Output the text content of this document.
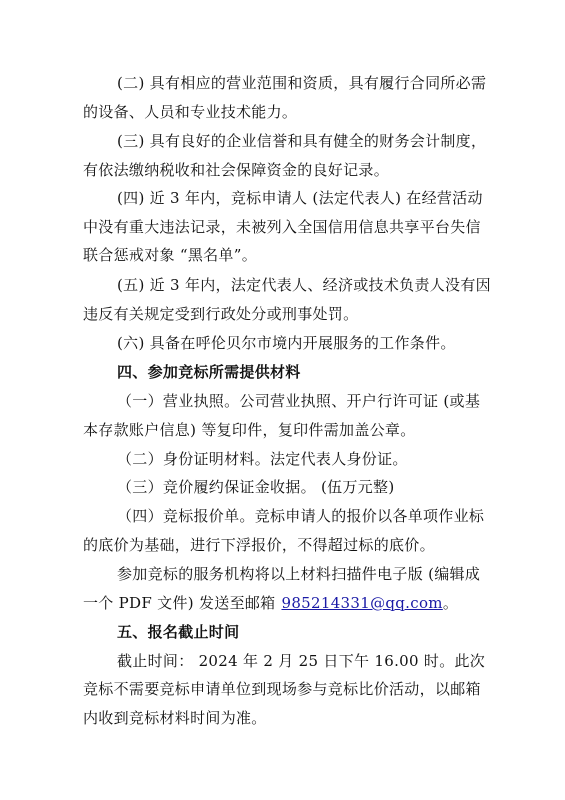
(二) 具有相应的营业范围和资质，具有履行合同所必需
的设备、人员和专业技术能力。
(三) 具有良好的企业信誉和具有健全的财务会计制度，
有依法缴纳税收和社会保障资金的良好记录。
(四) 近 3 年内，竞标申请人 (法定代表人) 在经营活动
中没有重大违法记录，未被列入全国信用信息共享平台失信
联合惩戒对象 “黑名单”。
(五) 近 3 年内，法定代表人、经济或技术负责人没有因
违反有关规定受到行政处分或刑事处罚。
(六) 具备在呼伦贝尔市境内开展服务的工作条件。
四、参加竞标所需提供材料
（一）营业执照。公司营业执照、开户行许可证 (或基
本存款账户信息) 等复印件，复印件需加盖公章。
（二）身份证明材料。法定代表人身份证。
（三）竞价履约保证金收据。 (伍万元整)
（四）竞标报价单。竞标申请人的报价以各单项作业标
的底价为基础，进行下浮报价，不得超过标的底价。
参加竞标的服务机构将以上材料扫描件电子版 (编辑成
一个 PDF 文件) 发送至邮箱 985214331@qq.com。
五、报名截止时间
截止时间： 2024 年 2 月 25 日下午 16.00 时。此次
竞标不需要竞标申请单位到现场参与竞标比价活动，以邮箱
内收到竞标材料时间为准。
